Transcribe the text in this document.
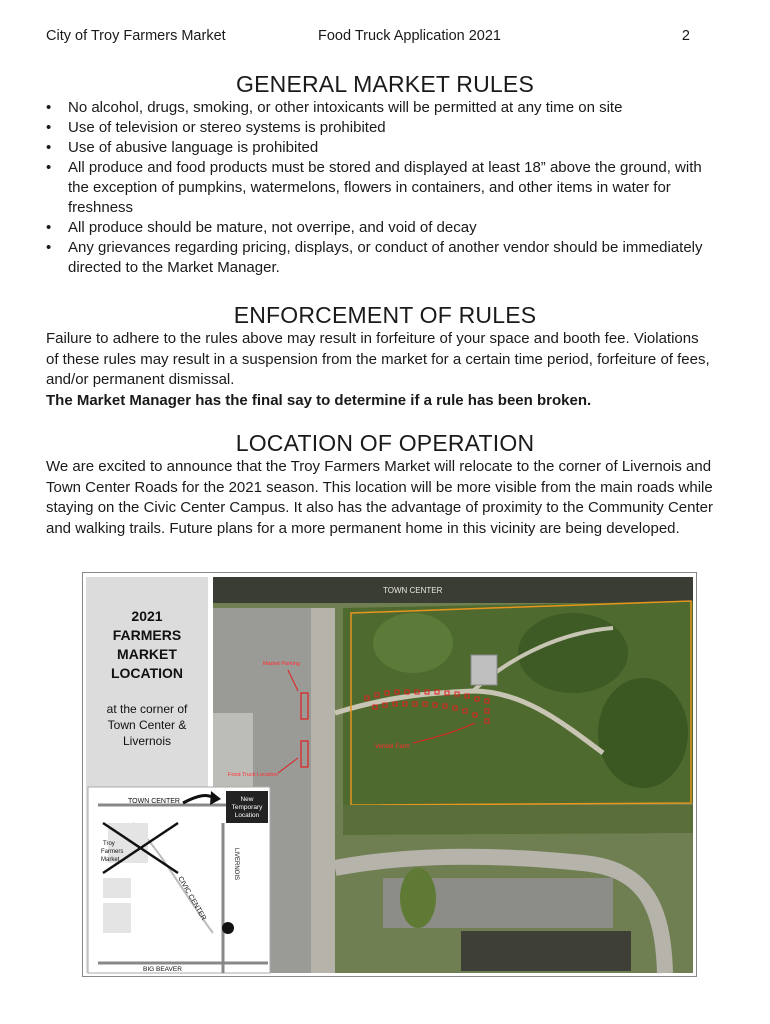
City of Troy Farmers Market	Food Truck Application 2021	2
GENERAL MARKET RULES
• No alcohol, drugs, smoking, or other intoxicants will be permitted at any time on site
• Use of television or stereo systems is prohibited
• Use of abusive language is prohibited
• All produce and food products must be stored and displayed at least 18” above the ground, with the exception of pumpkins, watermelons, flowers in containers, and other items in water for freshness
• All produce should be mature, not overripe, and void of decay
• Any grievances regarding pricing, displays, or conduct of another vendor should be immediately directed to the Market Manager.
ENFORCEMENT OF RULES

Failure to adhere to the rules above may result in forfeiture of your space and booth fee. Violations of these rules may result in a suspension from the market for a certain time period, forfeiture of fees, and/or permanent dismissal.
The Market Manager has the final say to determine if a rule has been broken.

LOCATION OF OPERATION

We are excited to announce that the Troy Farmers Market will relocate to the corner of Livernois and Town Center Roads for the 2021 season. This location will be more visible from the main roads while staying on the Civic Center Campus. It also has the advantage of proximity to the Community Center and walking trails. Future plans for a more permanent home in this vicinity are being developed.

2021
FARMERS
MARKET
LOCATION
at the corner of
Town Center &
Livernois
TOWN CENTER
Market Parking
Vendor Farm
Food Truck Location
TOWN CENTER	New
Temporary
Location
LIVERNOIS
BIG BEAVER
CIVIC CENTER
Troy
Farmers
Market
